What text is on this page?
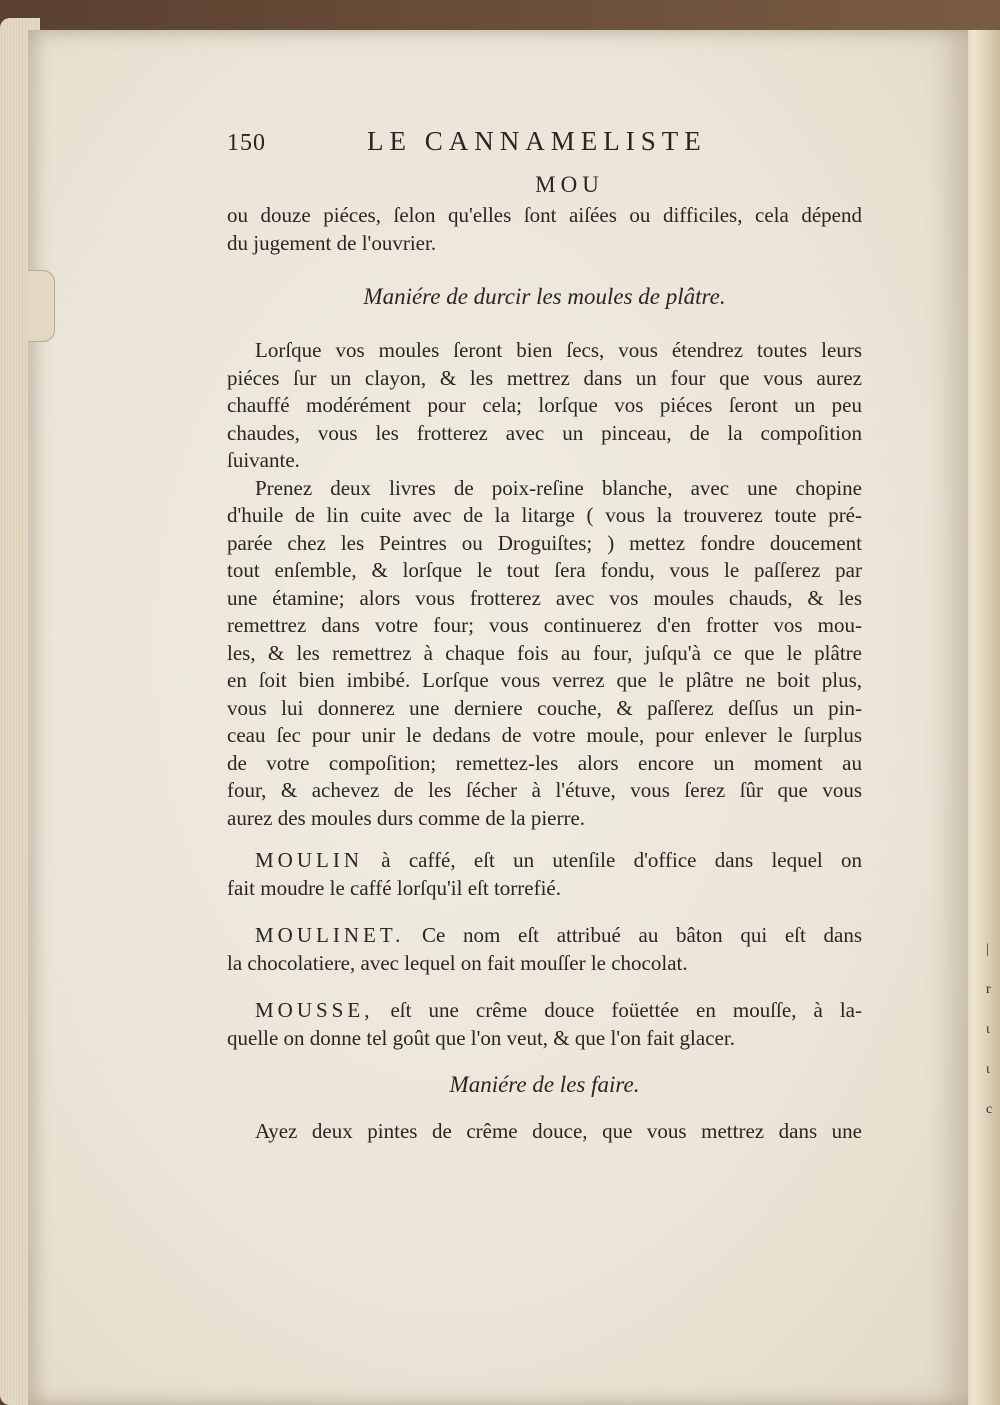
|
r
ι
ι
c
150	LE CANNAMELISTE
MOU
ou douze piéces, ſelon qu'elles ſont aiſées ou difficiles, cela dépend
du jugement de l'ouvrier.
Maniére de durcir les moules de plâtre.
Lorſque vos moules ſeront bien ſecs, vous étendrez toutes leurs
piéces ſur un clayon, & les mettrez dans un four que vous aurez
chauffé modérément pour cela; lorſque vos piéces ſeront un peu
chaudes, vous les frotterez avec un pinceau, de la compoſition
ſuivante.
Prenez deux livres de poix-reſine blanche, avec une chopine
d'huile de lin cuite avec de la litarge ( vous la trouverez toute pré-
parée chez les Peintres ou Droguiſtes; ) mettez fondre doucement
tout enſemble, & lorſque le tout ſera fondu, vous le paſſerez par
une étamine; alors vous frotterez avec vos moules chauds, & les
remettrez dans votre four; vous continuerez d'en frotter vos mou-
les, & les remettrez à chaque fois au four, juſqu'à ce que le plâtre
en ſoit bien imbibé. Lorſque vous verrez que le plâtre ne boit plus,
vous lui donnerez une derniere couche, & paſſerez deſſus un pin-
ceau ſec pour unir le dedans de votre moule, pour enlever le ſurplus
de votre compoſition; remettez-les alors encore un moment au
four, & achevez de les ſécher à l'étuve, vous ſerez ſûr que vous
aurez des moules durs comme de la pierre.
MOULIN à caffé, eſt un utenſile d'office dans lequel on
fait moudre le caffé lorſqu'il eſt torrefié.
MOULINET. Ce nom eſt attribué au bâton qui eſt dans
la chocolatiere, avec lequel on fait mouſſer le chocolat.
MOUSSE, eſt une crême douce foüettée en mouſſe, à la-
quelle on donne tel goût que l'on veut, & que l'on fait glacer.
Maniére de les faire.
Ayez deux pintes de crême douce, que vous mettrez dans une
